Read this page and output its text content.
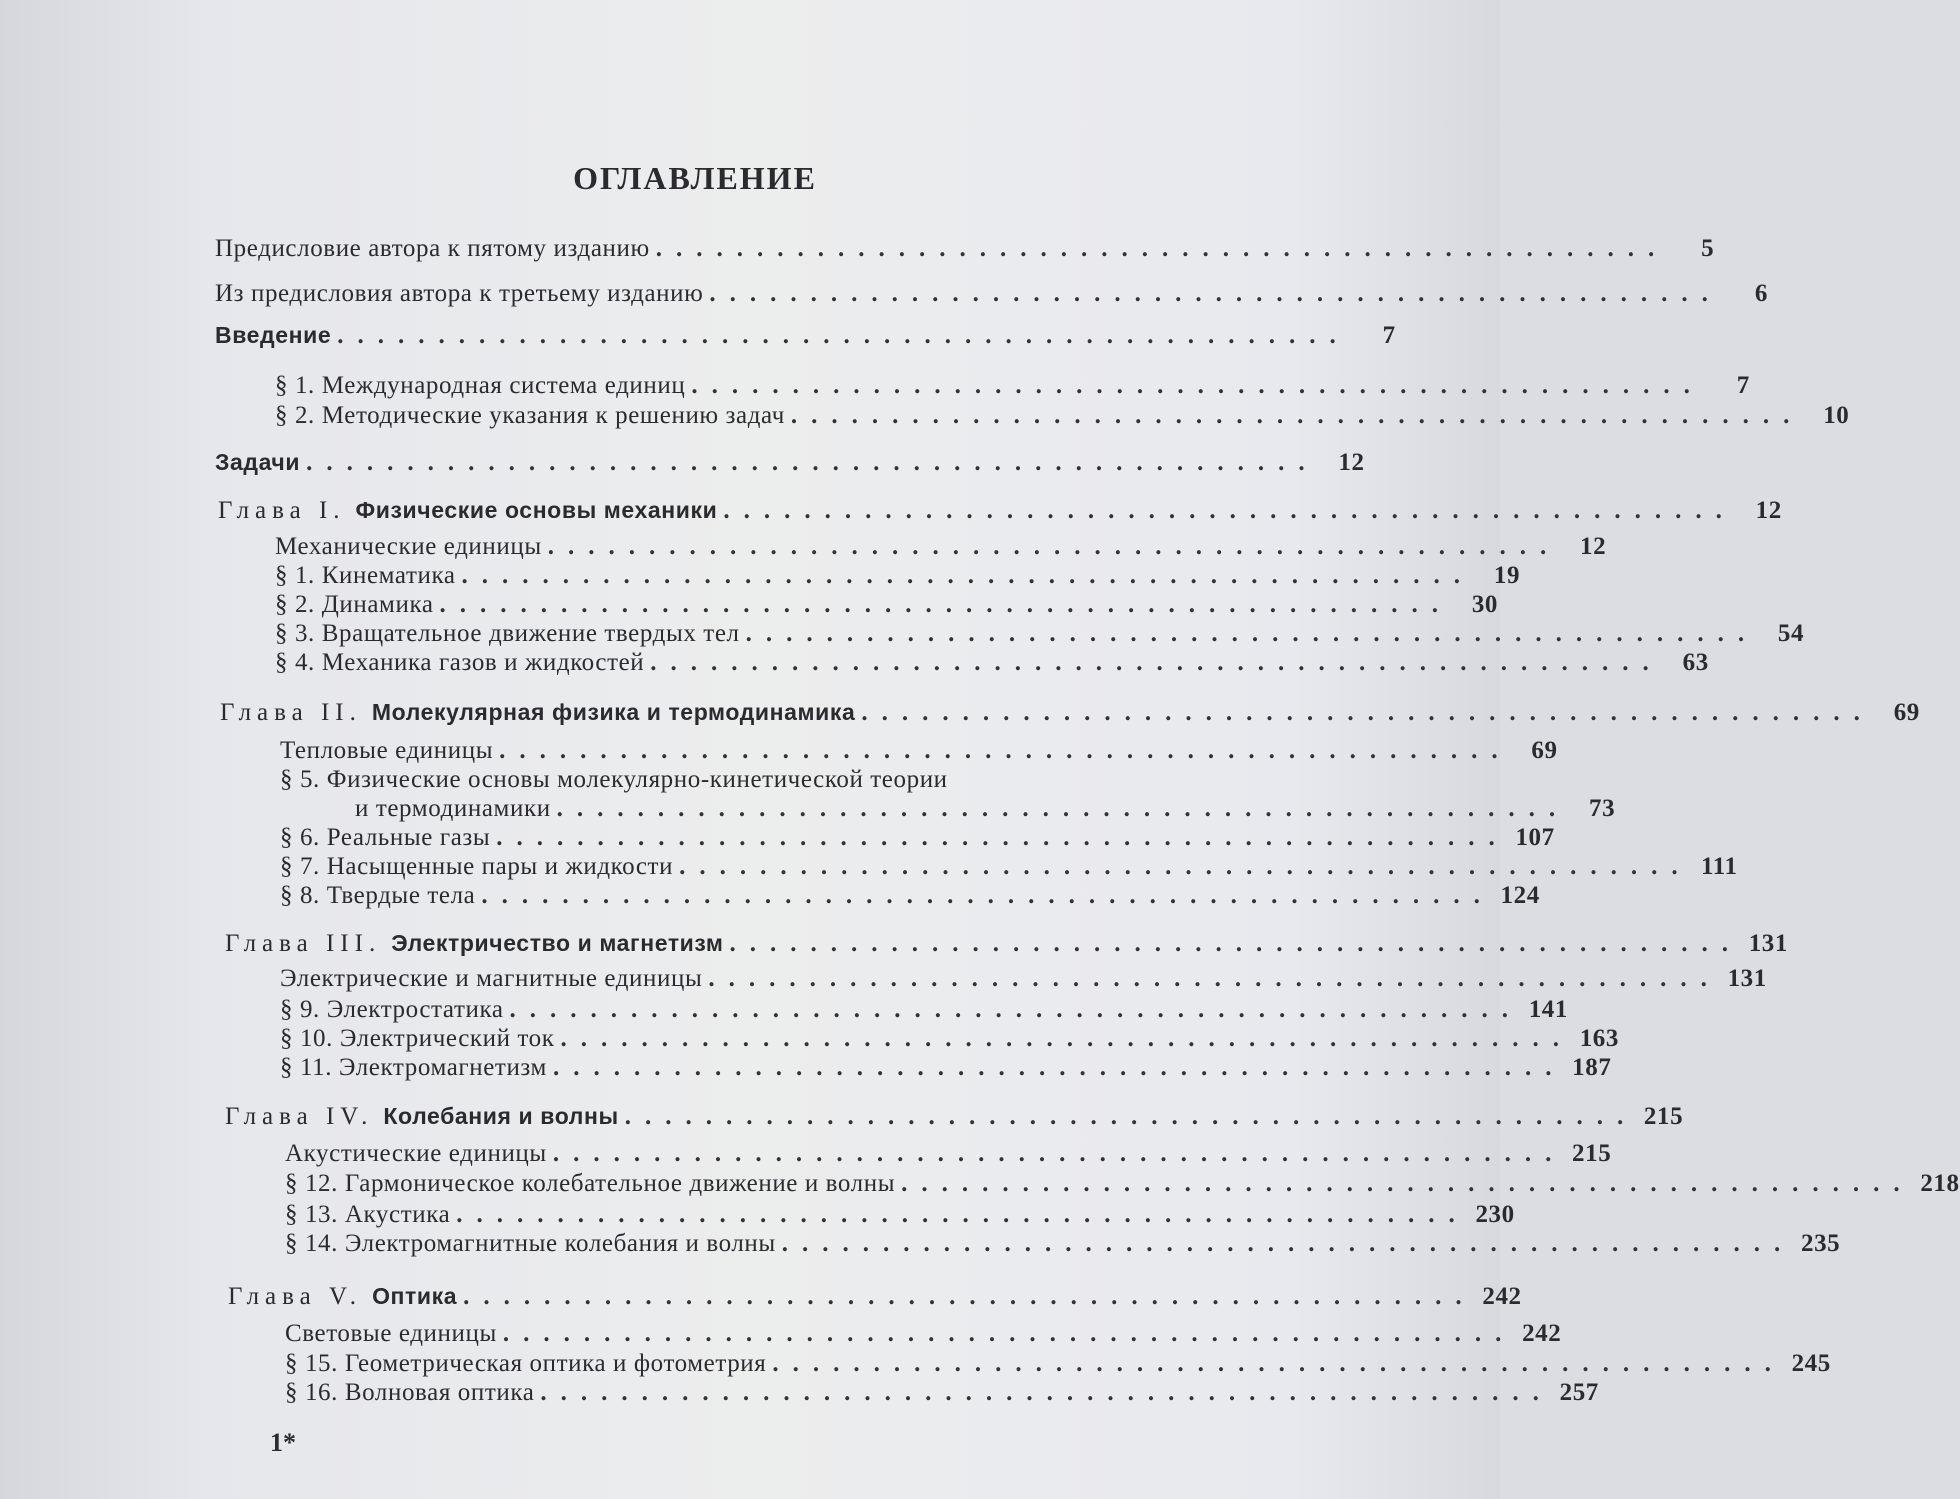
ОГЛАВЛЕНИЕ
Предисловие автора к пятому изданию ..................................................	5
Из предисловия автора к третьему изданию ..................................................	6
Введение ..................................................	7
§ 1. Международная система единиц ..................................................	7
§ 2. Методические указания к решению задач .................................................. 10
Задачи .................................................. 12
Глава I. Физические основы механики .................................................. 12
Механические единицы .................................................. 12
§ 1. Кинематика .................................................. 19
§ 2. Динамика .................................................. 30
§ 3. Вращательное движение твердых тел .................................................. 54
§ 4. Механика газов и жидкостей .................................................. 63
Глава II. Молекулярная физика и термодинамика .................................................. 69
Тепловые единицы .................................................. 69
§ 5. Физические основы молекулярно-кинетической теории
и термодинамики .................................................. 73
§ 6. Реальные газы .................................................. 107
§ 7. Насыщенные пары и жидкости .................................................. 111
§ 8. Твердые тела .................................................. 124
Глава III. Электричество и магнетизм .................................................. 131
Электрические и магнитные единицы .................................................. 131
§ 9. Электростатика .................................................. 141
§ 10. Электрический ток .................................................. 163
§ 11. Электромагнетизм .................................................. 187
Глава IV. Колебания и волны .................................................. 215
Акустические единицы .................................................. 215
§ 12. Гармоническое колебательное движение и волны .................................................. 218
§ 13. Акустика .................................................. 230
§ 14. Электромагнитные колебания и волны .................................................. 235
Глава V. Оптика .................................................. 242
Световые единицы .................................................. 242
§ 15. Геометрическая оптика и фотометрия .................................................. 245
§ 16. Волновая оптика .................................................. 257
1*
